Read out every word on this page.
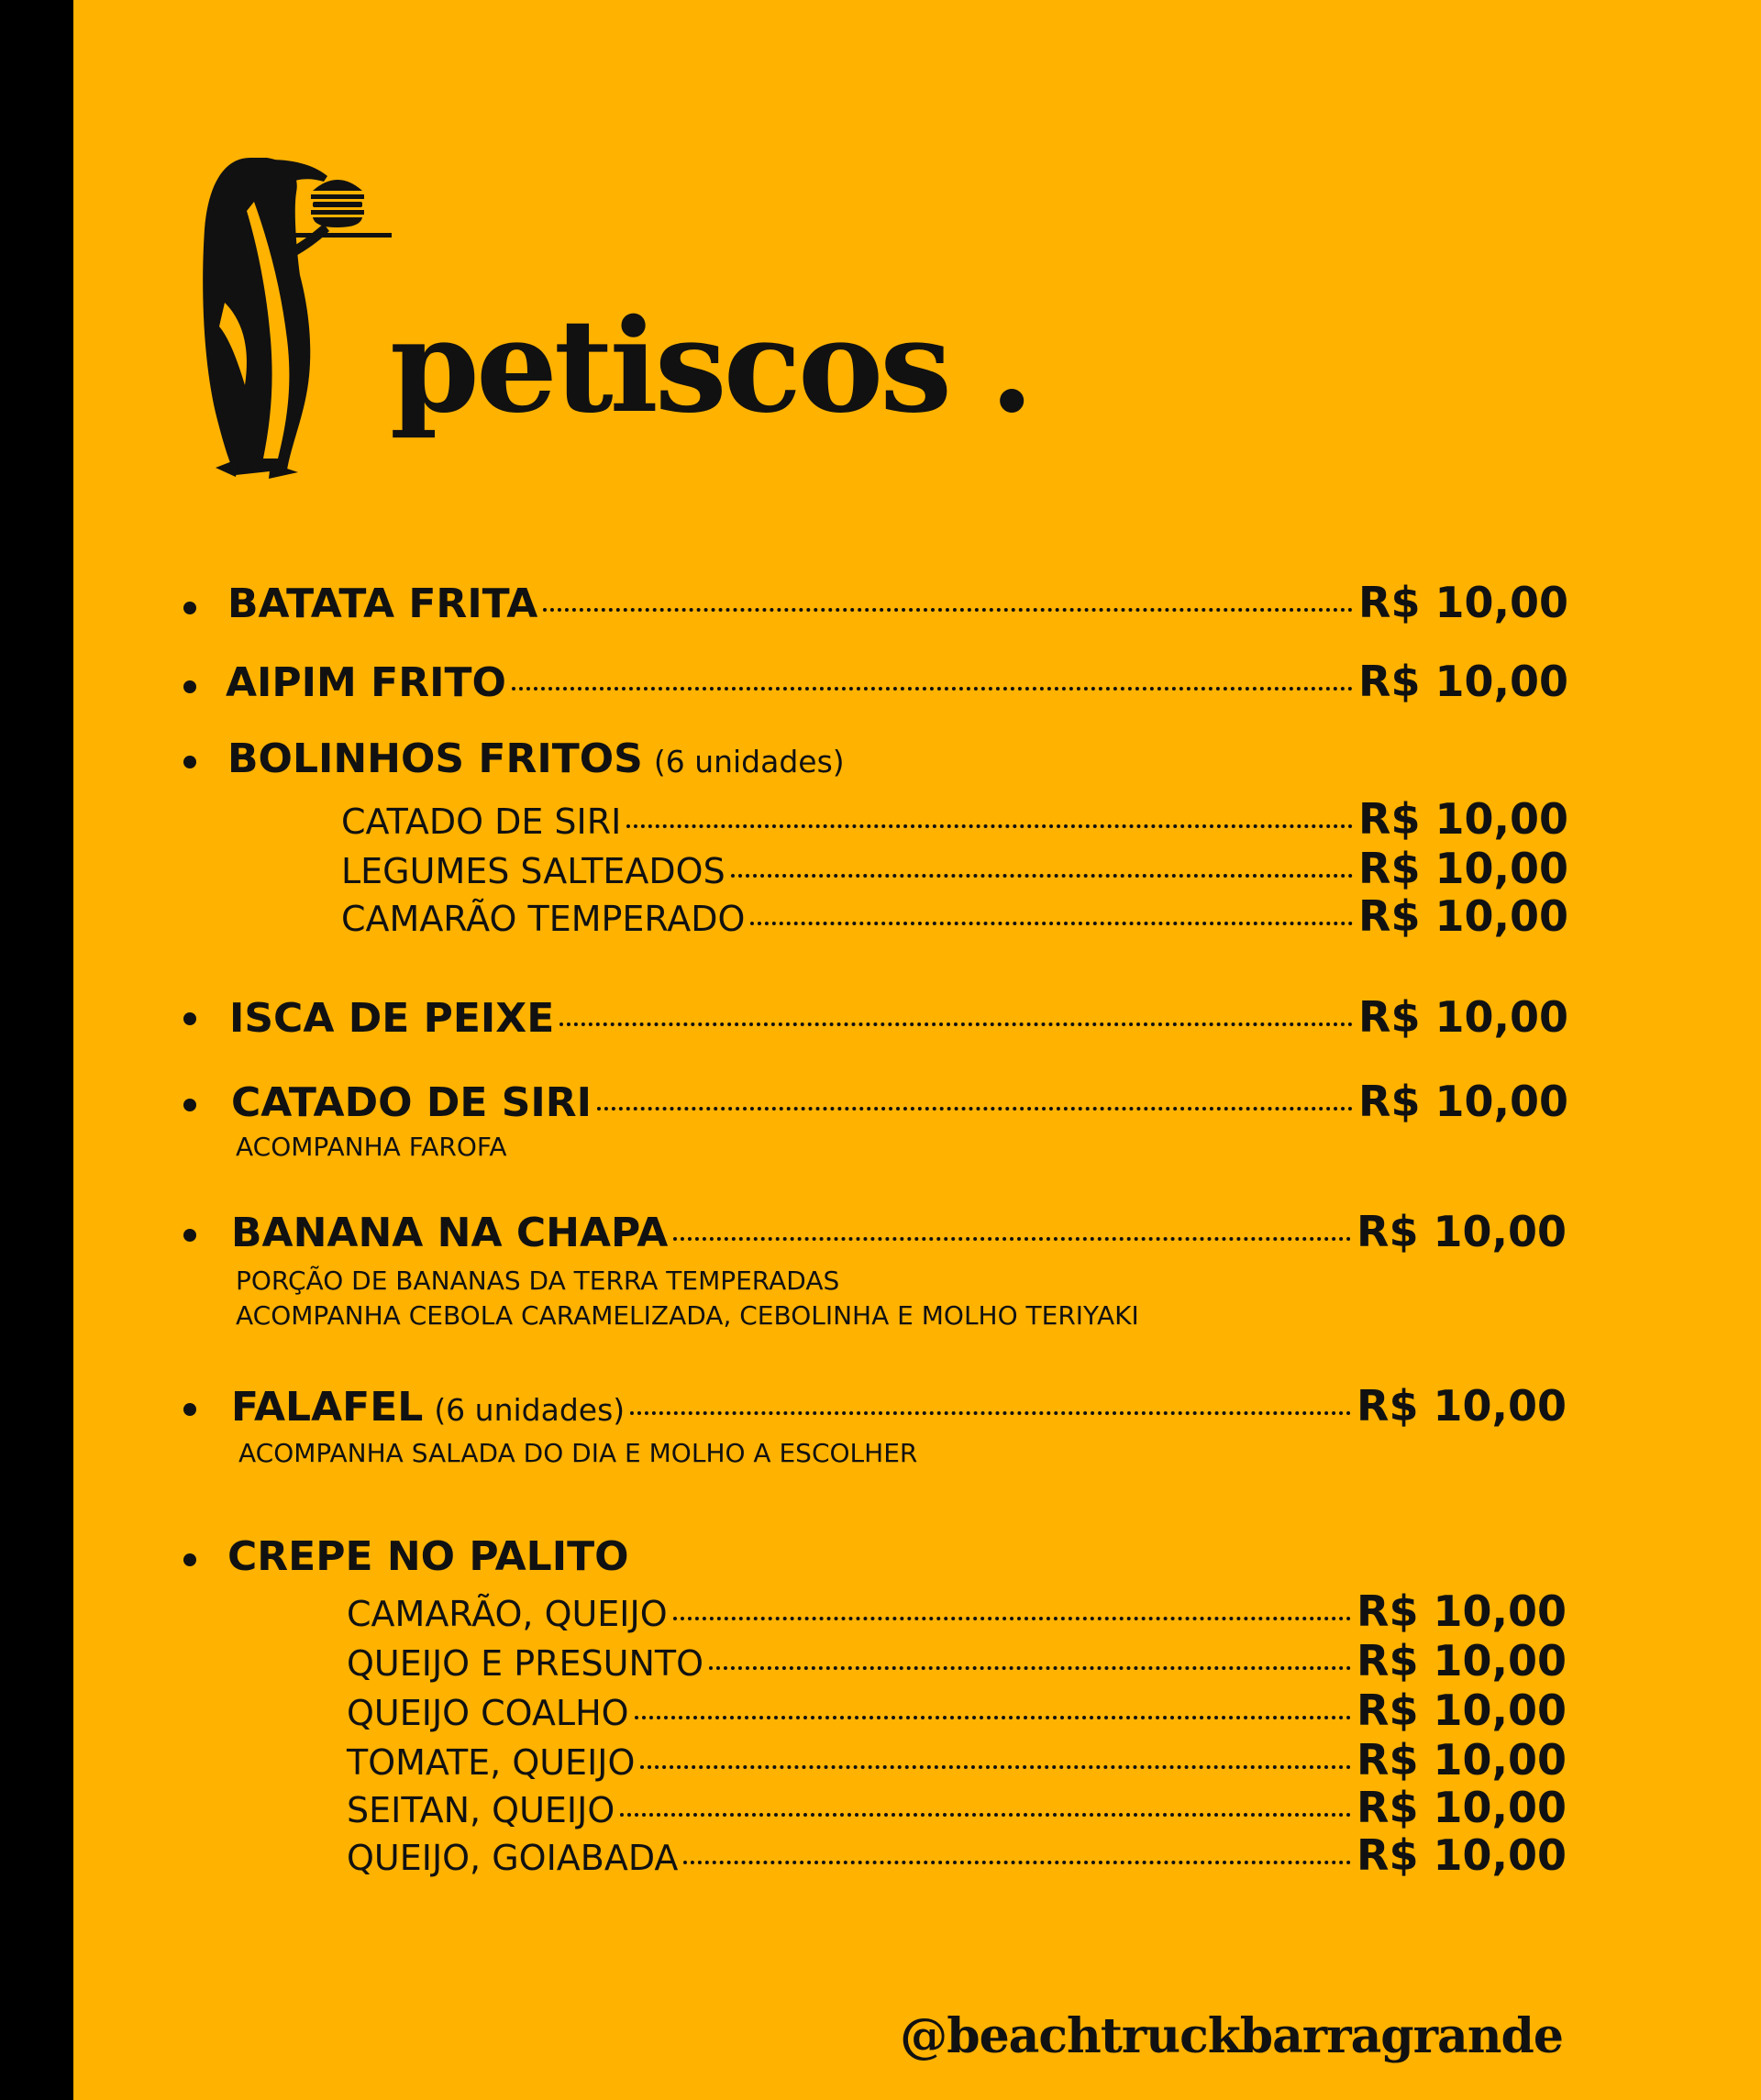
petiscos .
BATATA FRITA	R$ 10,00
AIPIM FRITO	R$ 10,00
BOLINHOS FRITOS (6 unidades)
CATADO DE SIRI	R$ 10,00
LEGUMES SALTEADOS	R$ 10,00
CAMARÃO TEMPERADO	R$ 10,00
ISCA DE PEIXE	R$ 10,00
CATADO DE SIRI	R$ 10,00
ACOMPANHA FAROFA
BANANA NA CHAPA	R$ 10,00
PORÇÃO DE BANANAS DA TERRA TEMPERADAS
ACOMPANHA CEBOLA CARAMELIZADA, CEBOLINHA E MOLHO TERIYAKI
FALAFEL (6 unidades)	R$ 10,00
ACOMPANHA SALADA DO DIA E MOLHO A ESCOLHER
CREPE NO PALITO
CAMARÃO, QUEIJO	R$ 10,00
QUEIJO E PRESUNTO	R$ 10,00
QUEIJO COALHO	R$ 10,00
TOMATE, QUEIJO	R$ 10,00
SEITAN, QUEIJO	R$ 10,00
QUEIJO, GOIABADA	R$ 10,00
@beachtruckbarragrande
